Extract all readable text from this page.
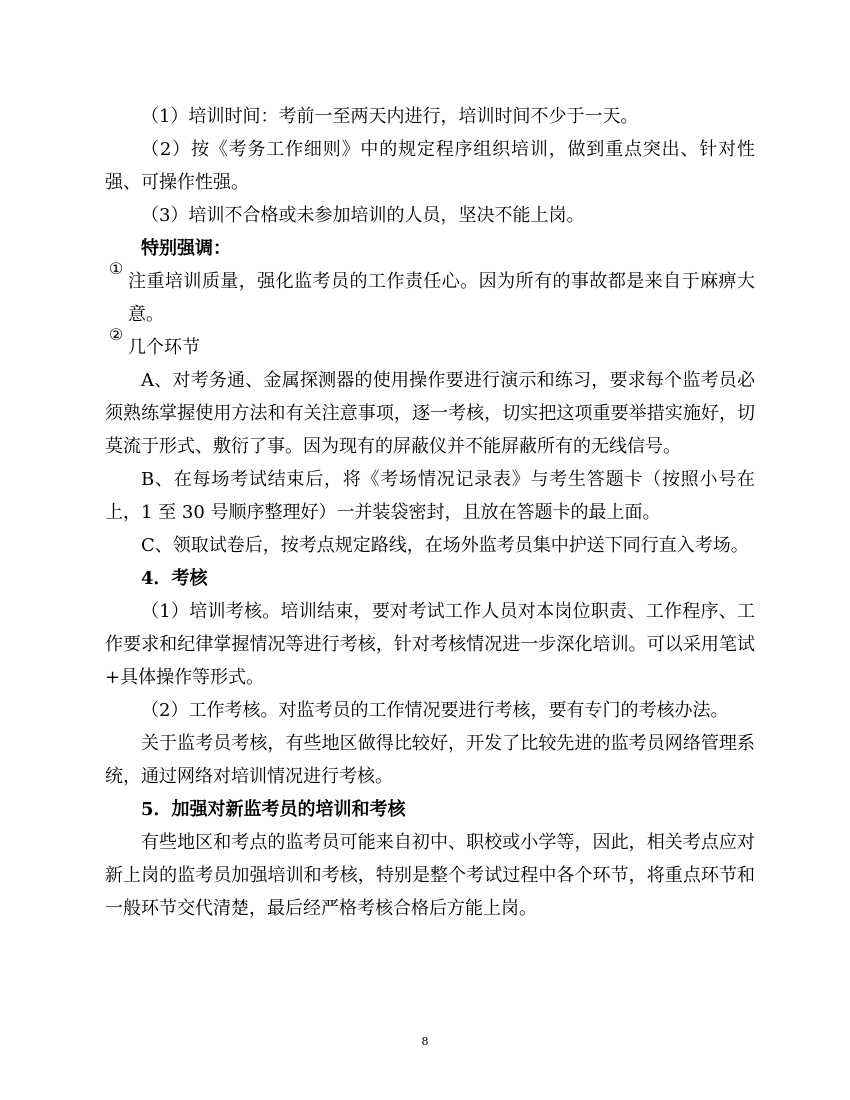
（1）培训时间：考前一至两天内进行，培训时间不少于一天。

（2）按《考务工作细则》中的规定程序组织培训，做到重点突出、针对性强、可操作性强。

（3）培训不合格或未参加培训的人员，坚决不能上岗。

特别强调：

①
注重培训质量，强化监考员的工作责任心。因为所有的事故都是来自于麻痹大意。
②
几个环节

A、对考务通、金属探测器的使用操作要进行演示和练习，要求每个监考员必须熟练掌握使用方法和有关注意事项，逐一考核，切实把这项重要举措实施好，切莫流于形式、敷衍了事。因为现有的屏蔽仪并不能屏蔽所有的无线信号。

B、在每场考试结束后，将《考场情况记录表》与考生答题卡（按照小号在上，1 至 30 号顺序整理好）一并装袋密封，且放在答题卡的最上面。

C、领取试卷后，按考点规定路线，在场外监考员集中护送下同行直入考场。

4．考核

（1）培训考核。培训结束，要对考试工作人员对本岗位职责、工作程序、工作要求和纪律掌握情况等进行考核，针对考核情况进一步深化培训。可以采用笔试+具体操作等形式。

（2）工作考核。对监考员的工作情况要进行考核，要有专门的考核办法。

关于监考员考核，有些地区做得比较好，开发了比较先进的监考员网络管理系统，通过网络对培训情况进行考核。

5．加强对新监考员的培训和考核

有些地区和考点的监考员可能来自初中、职校或小学等，因此，相关考点应对新上岗的监考员加强培训和考核，特别是整个考试过程中各个环节，将重点环节和一般环节交代清楚，最后经严格考核合格后方能上岗。

8
